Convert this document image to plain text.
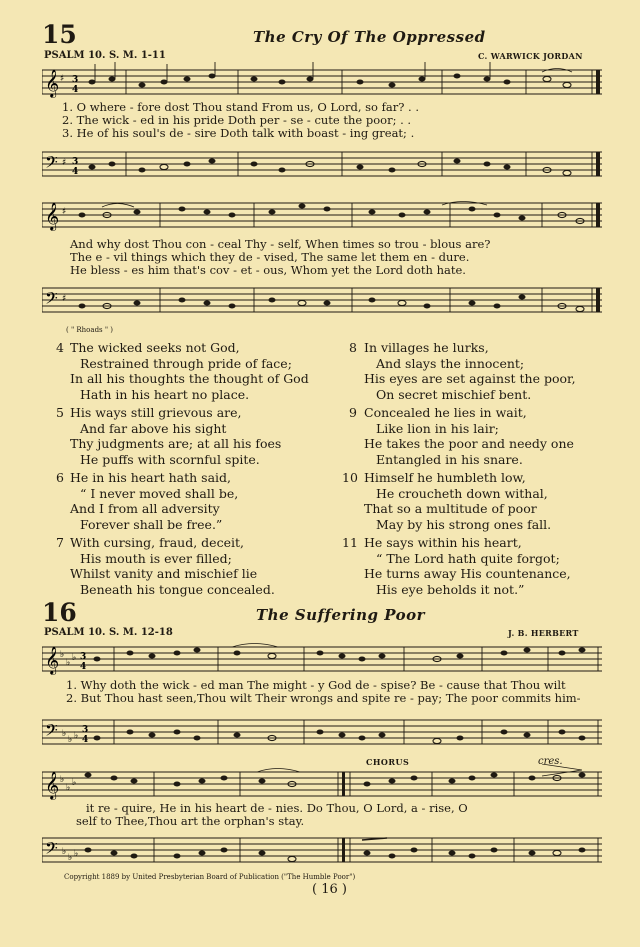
15	The Cry Of The Oppressed
PSALM 10. S. M. 1-11	C. WARWICK JORDAN
𝄞 ♯ 3
4
1. O where - fore dost Thou stand From us, O Lord, so far? . .
2. The wick - ed in his pride Doth per - se - cute the poor; . .
3. He of his soul's de - sire Doth talk with boast - ing great; .
𝄢 ♯ 3
4
𝄞 ♯
And why dost Thou con - ceal Thy - self, When times so trou - blous are?
The e - vil things which they de - vised, The same let them en - dure.
He bless - es him that's cov - et - ous, Whom yet the Lord doth hate.
𝄢 ♯
( " Rhoads " )
4 The wicked seeks not God,
Restrained through pride of face;
In all his thoughts the thought of God
Hath in his heart no place.
5 His ways still grievous are,
And far above his sight
Thy judgments are; at all his foes
He puffs with scornful spite.
6 He in his heart hath said,
“ I never moved shall be,
And I from all adversity
Forever shall be free.”
7 With cursing, fraud, deceit,
His mouth is ever filled;
Whilst vanity and mischief lie
Beneath his tongue concealed.
8 In villages he lurks,
And slays the innocent;
His eyes are set against the poor,
On secret mischief bent.
9 Concealed he lies in wait,
Like lion in his lair;
He takes the poor and needy one
Entangled in his snare.
10 Himself he humbleth low,
He croucheth down withal,
That so a multitude of poor
May by his strong ones fall.
11 He says within his heart,
“ The Lord hath quite forgot;
He turns away His countenance,
His eye beholds it not.”
16	The Suffering Poor
PSALM 10. S. M. 12-18	J. B. HERBERT
𝄞 ♭
♭ ♭ 3
4
1. Why doth the wick - ed man The might - y God de - spise? Be - cause that Thou wilt
2. But Thou hast seen,Thou wilt Their wrongs and spite re - pay; The poor commits him-
𝄢 ♭
♭ ♭
3
4
𝄞 ♭
♭ ♭
CHORUS	cres.
it re - quire, He in his heart de - nies. Do Thou, O Lord, a - rise, O
self to Thee,Thou art the orphan's stay.
𝄢 ♭
♭ ♭
Copyright 1889 by United Presbyterian Board of Publication ("The Humble Poor")
( 16 )
